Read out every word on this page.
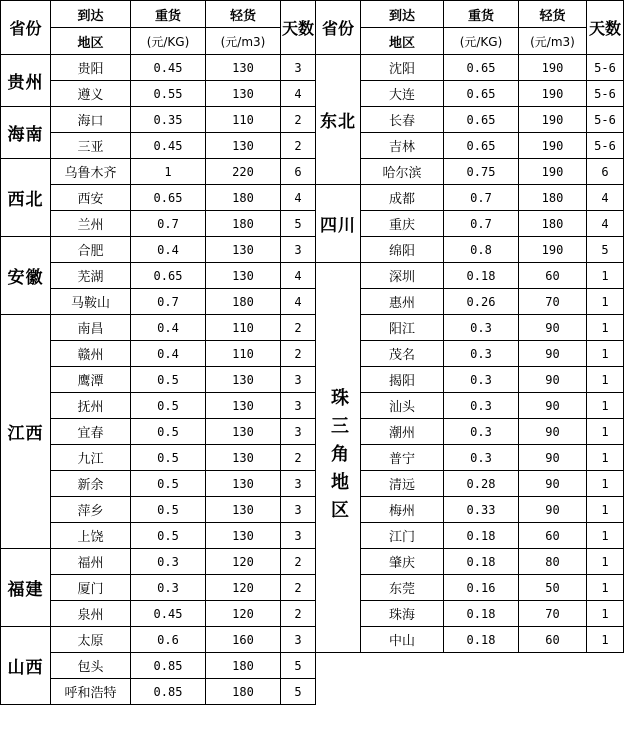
省份	到达	重货	轻货	天数	省份	到达	重货	轻货	天数
	地区	(元/KG)	(元/m3)			地区	(元/KG)	(元/m3)	
贵州	贵阳	0.45	130	3	东北	沈阳	0.65	190	5-6
	遵义	0.55	130	4		大连	0.65	190	5-6
海南	海口	0.35	110	2		长春	0.65	190	5-6
	三亚	0.45	130	2		吉林	0.65	190	5-6
西北	乌鲁木齐	1	220	6		哈尔滨	0.75	190	6
	西安	0.65	180	4	四川	成都	0.7	180	4
	兰州	0.7	180	5		重庆	0.7	180	4
安徽	合肥	0.4	130	3		绵阳	0.8	190	5
	芜湖	0.65	130	4	珠三角地区	深圳	0.18	60	1
	马鞍山	0.7	180	4		惠州	0.26	70	1
江西	南昌	0.4	110	2		阳江	0.3	90	1
	赣州	0.4	110	2		茂名	0.3	90	1
	鹰潭	0.5	130	3		揭阳	0.3	90	1
	抚州	0.5	130	3		汕头	0.3	90	1
	宜春	0.5	130	3		潮州	0.3	90	1
	九江	0.5	130	2		普宁	0.3	90	1
	新余	0.5	130	3		清远	0.28	90	1
	萍乡	0.5	130	3		梅州	0.33	90	1
	上饶	0.5	130	3		江门	0.18	60	1
福建	福州	0.3	120	2		肇庆	0.18	80	1
	厦门	0.3	120	2		东莞	0.16	50	1
	泉州	0.45	120	2		珠海	0.18	70	1
山西	太原	0.6	160	3		中山	0.18	60	1
	包头	0.85	180	5					
	呼和浩特	0.85	180	5					
